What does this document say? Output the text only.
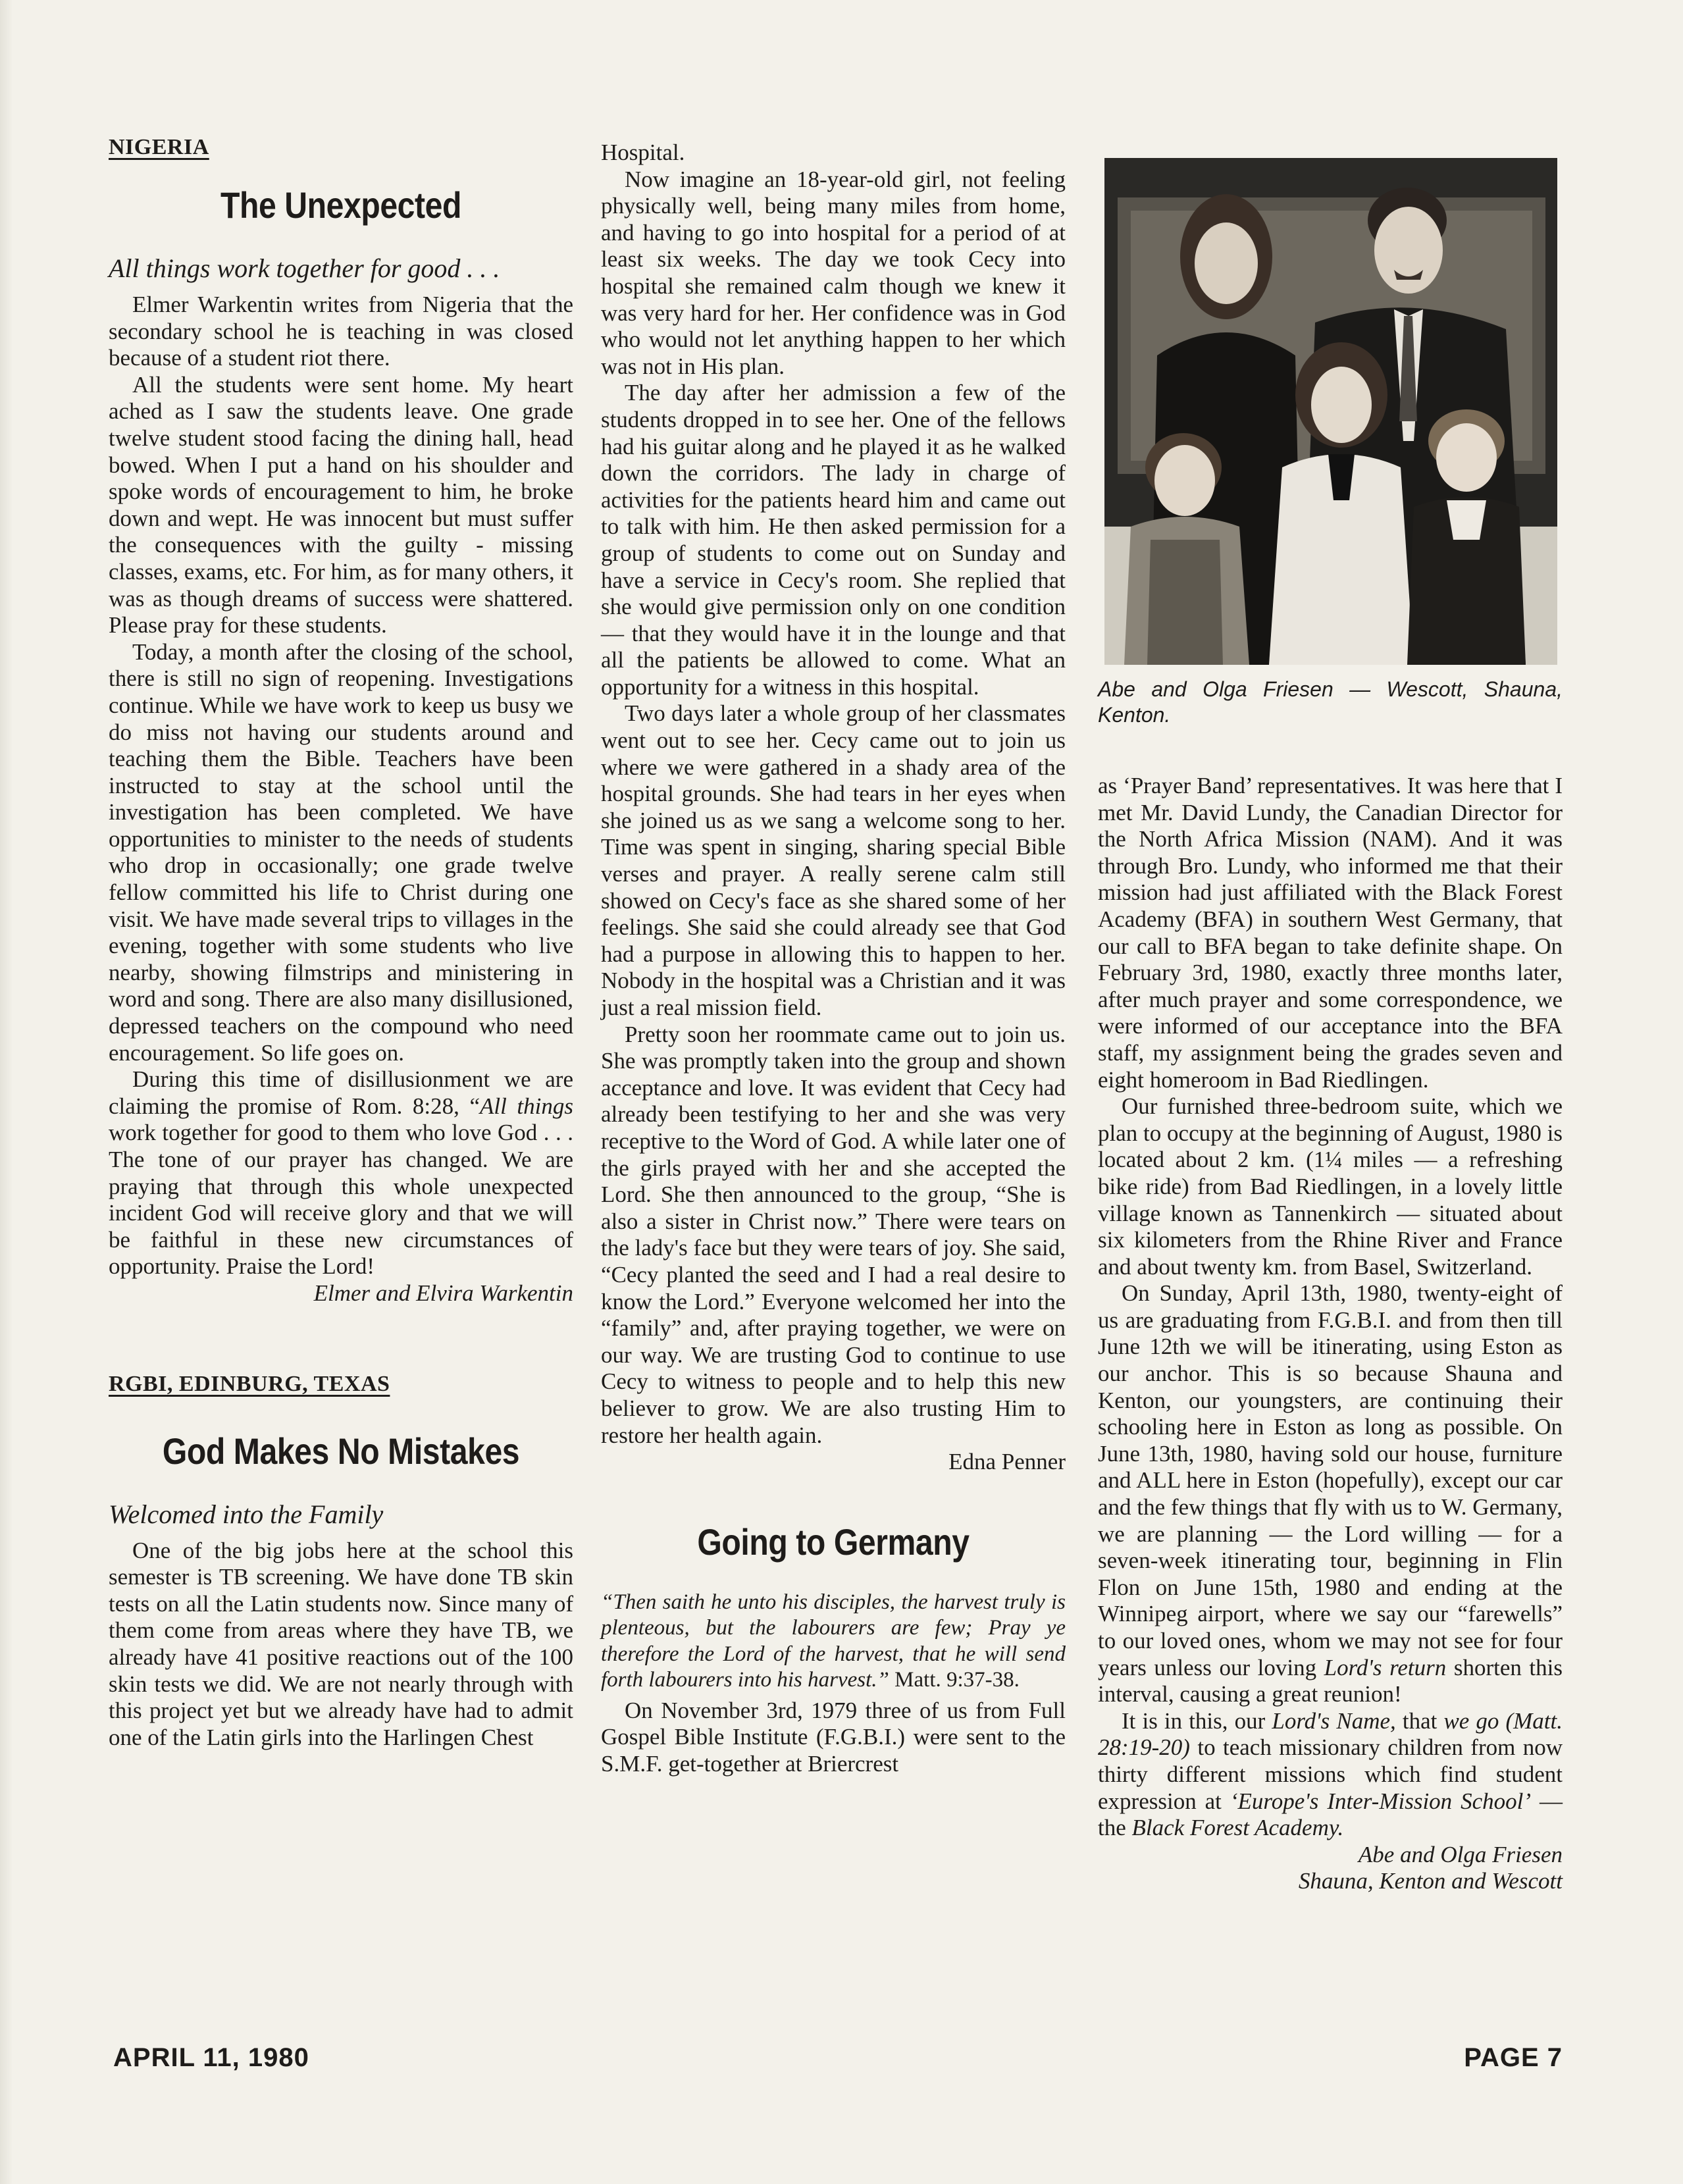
NIGERIA
The Unexpected
All things work together for good . . .

Elmer Warkentin writes from Nigeria that the secondary school he is teaching in was closed because of a student riot there.

All the students were sent home. My heart ached as I saw the students leave. One grade twelve student stood facing the dining hall, head bowed. When I put a hand on his shoulder and spoke words of encouragement to him, he broke down and wept. He was innocent but must suffer the consequences with the guilty - missing classes, exams, etc. For him, as for many others, it was as though dreams of success were shattered. Please pray for these students.

Today, a month after the closing of the school, there is still no sign of reopening. Investigations continue. While we have work to keep us busy we do miss not having our students around and teaching them the Bible. Teachers have been instructed to stay at the school until the investigation has been completed. We have opportunities to minister to the needs of students who drop in occasionally; one grade twelve fellow committed his life to Christ during one visit. We have made several trips to villages in the evening, together with some students who live nearby, showing filmstrips and ministering in word and song. There are also many disillusioned, depressed teachers on the compound who need encouragement. So life goes on.

During this time of disillusionment we are claiming the promise of Rom. 8:28, “All things work together for good to them who love God . . . The tone of our prayer has changed. We are praying that through this whole unexpected incident God will receive glory and that we will be faithful in these new circumstances of opportunity. Praise the Lord!

Elmer and Elvira Warkentin

RGBI, EDINBURG, TEXAS
God Makes No Mistakes
Welcomed into the Family

One of the big jobs here at the school this semester is TB screening. We have done TB skin tests on all the Latin students now. Since many of them come from areas where they have TB, we already have 41 positive reactions out of the 100 skin tests we did. We are not nearly through with this project yet but we already have had to admit one of the Latin girls into the Harlingen Chest

Hospital.

Now imagine an 18-year-old girl, not feeling physically well, being many miles from home, and having to go into hospital for a period of at least six weeks. The day we took Cecy into hospital she remained calm though we knew it was very hard for her. Her confidence was in God who would not let anything happen to her which was not in His plan.

The day after her admission a few of the students dropped in to see her. One of the fellows had his guitar along and he played it as he walked down the corridors. The lady in charge of activities for the patients heard him and came out to talk with him. He then asked permission for a group of students to come out on Sunday and have a service in Cecy's room. She replied that she would give permission only on one condition — that they would have it in the lounge and that all the patients be allowed to come. What an opportunity for a witness in this hospital.

Two days later a whole group of her classmates went out to see her. Cecy came out to join us where we were gathered in a shady area of the hospital grounds. She had tears in her eyes when she joined us as we sang a welcome song to her. Time was spent in singing, sharing special Bible verses and prayer. A really serene calm still showed on Cecy's face as she shared some of her feelings. She said she could already see that God had a purpose in allowing this to happen to her. Nobody in the hospital was a Christian and it was just a real mission field.

Pretty soon her roommate came out to join us. She was promptly taken into the group and shown acceptance and love. It was evident that Cecy had already been testifying to her and she was very receptive to the Word of God. A while later one of the girls prayed with her and she accepted the Lord. She then announced to the group, “She is also a sister in Christ now.” There were tears on the lady's face but they were tears of joy. She said, “Cecy planted the seed and I had a real desire to know the Lord.” Everyone welcomed her into the “family” and, after praying together, we were on our way. We are trusting God to continue to use Cecy to witness to people and to help this new believer to grow. We are also trusting Him to restore her health again.

Edna Penner

Going to Germany
“Then saith he unto his disciples, the harvest truly is plenteous, but the labourers are few; Pray ye therefore the Lord of the harvest, that he will send forth labourers into his harvest.” Matt. 9:37-38.

On November 3rd, 1979 three of us from Full Gospel Bible Institute (F.G.B.I.) were sent to the S.M.F. get-together at Briercrest

Abe and Olga Friesen — Wescott, Shauna, Kenton.

as ‘Prayer Band’ representatives. It was here that I met Mr. David Lundy, the Canadian Director for the North Africa Mission (NAM). And it was through Bro. Lundy, who informed me that their mission had just affiliated with the Black Forest Academy (BFA) in southern West Germany, that our call to BFA began to take definite shape. On February 3rd, 1980, exactly three months later, after much prayer and some correspondence, we were informed of our acceptance into the BFA staff, my assignment being the grades seven and eight homeroom in Bad Riedlingen.

Our furnished three-bedroom suite, which we plan to occupy at the beginning of August, 1980 is located about 2 km. (1¼ miles — a refreshing bike ride) from Bad Riedlingen, in a lovely little village known as Tannenkirch — situated about six kilometers from the Rhine River and France and about twenty km. from Basel, Switzerland.

On Sunday, April 13th, 1980, twenty-eight of us are graduating from F.G.B.I. and from then till June 12th we will be itinerating, using Eston as our anchor. This is so because Shauna and Kenton, our youngsters, are continuing their schooling here in Eston as long as possible. On June 13th, 1980, having sold our house, furniture and ALL here in Eston (hopefully), except our car and the few things that fly with us to W. Germany, we are planning — the Lord willing — for a seven-week itinerating tour, beginning in Flin Flon on June 15th, 1980 and ending at the Winnipeg airport, where we say our “farewells” to our loved ones, whom we may not see for four years unless our loving Lord's return shorten this interval, causing a great reunion!

It is in this, our Lord's Name, that we go (Matt. 28:19-20) to teach missionary children from now thirty different missions which find student expression at ‘Europe's Inter-Mission School’ — the Black Forest Academy.

Abe and Olga Friesen

Shauna, Kenton and Wescott

APRIL 11, 1980	PAGE 7
